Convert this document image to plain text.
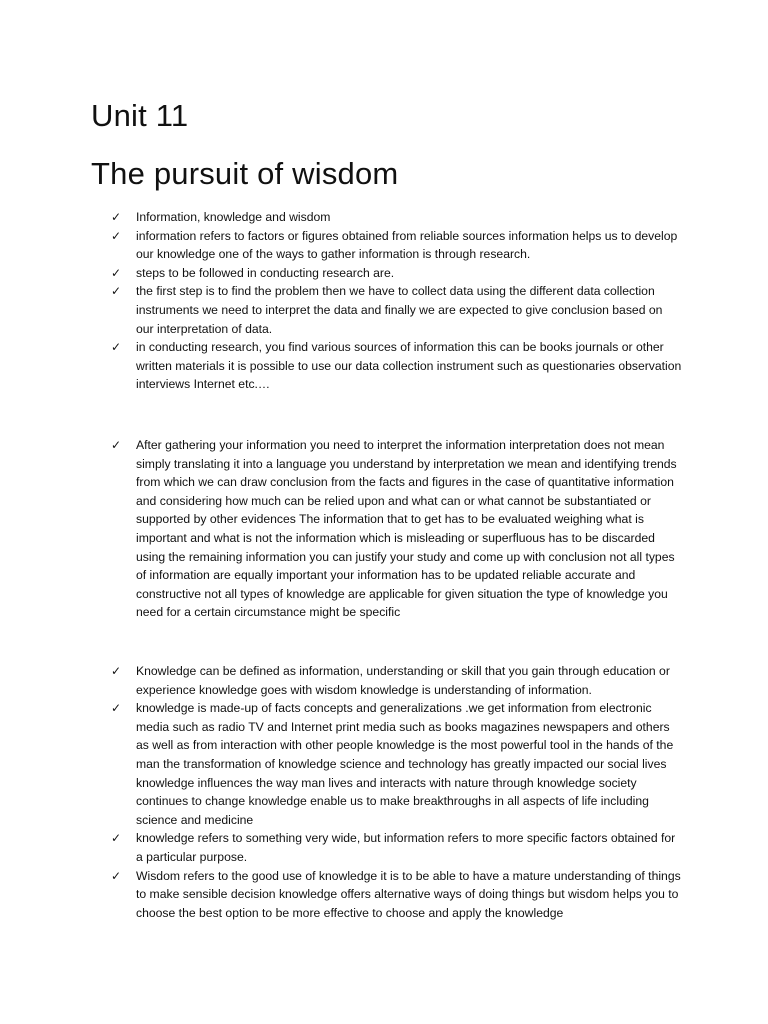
Unit 11
The pursuit of wisdom
✓ Information, knowledge and wisdom
✓ information refers to factors or figures obtained from reliable sources information helps us to develop our knowledge one of the ways to gather information is through research.
✓ steps to be followed in conducting research are.
✓ the first step is to find the problem then we have to collect data using the different data collection instruments we need to interpret the data and finally we are expected to give conclusion based on our interpretation of data.
✓ in conducting research, you find various sources of information this can be books journals or other written materials it is possible to use our data collection instrument such as questionaries observation interviews Internet etc.…
✓ After gathering your information you need to interpret the information interpretation does not mean simply translating it into a language you understand by interpretation we mean and identifying trends from which we can draw conclusion from the facts and figures in the case of quantitative information and considering how much can be relied upon and what can or what cannot be substantiated or supported by other evidences The information that to get has to be evaluated weighing what is important and what is not the information which is misleading or superfluous has to be discarded using the remaining information you can justify your study and come up with conclusion not all types of information are equally important your information has to be updated reliable accurate and constructive not all types of knowledge are applicable for given situation the type of knowledge you need for a certain circumstance might be specific
✓ Knowledge can be defined as information, understanding or skill that you gain through education or experience knowledge goes with wisdom knowledge is understanding of information.
✓ knowledge is made-up of facts concepts and generalizations .we get information from electronic media such as radio TV and Internet print media such as books magazines newspapers and others as well as from interaction with other people knowledge is the most powerful tool in the hands of the man the transformation of knowledge science and technology has greatly impacted our social lives knowledge influences the way man lives and interacts with nature through knowledge society continues to change knowledge enable us to make breakthroughs in all aspects of life including science and medicine
✓ knowledge refers to something very wide, but information refers to more specific factors obtained for a particular purpose.
✓ Wisdom refers to the good use of knowledge it is to be able to have a mature understanding of things to make sensible decision knowledge offers alternative ways of doing things but wisdom helps you to choose the best option to be more effective to choose and apply the knowledge
